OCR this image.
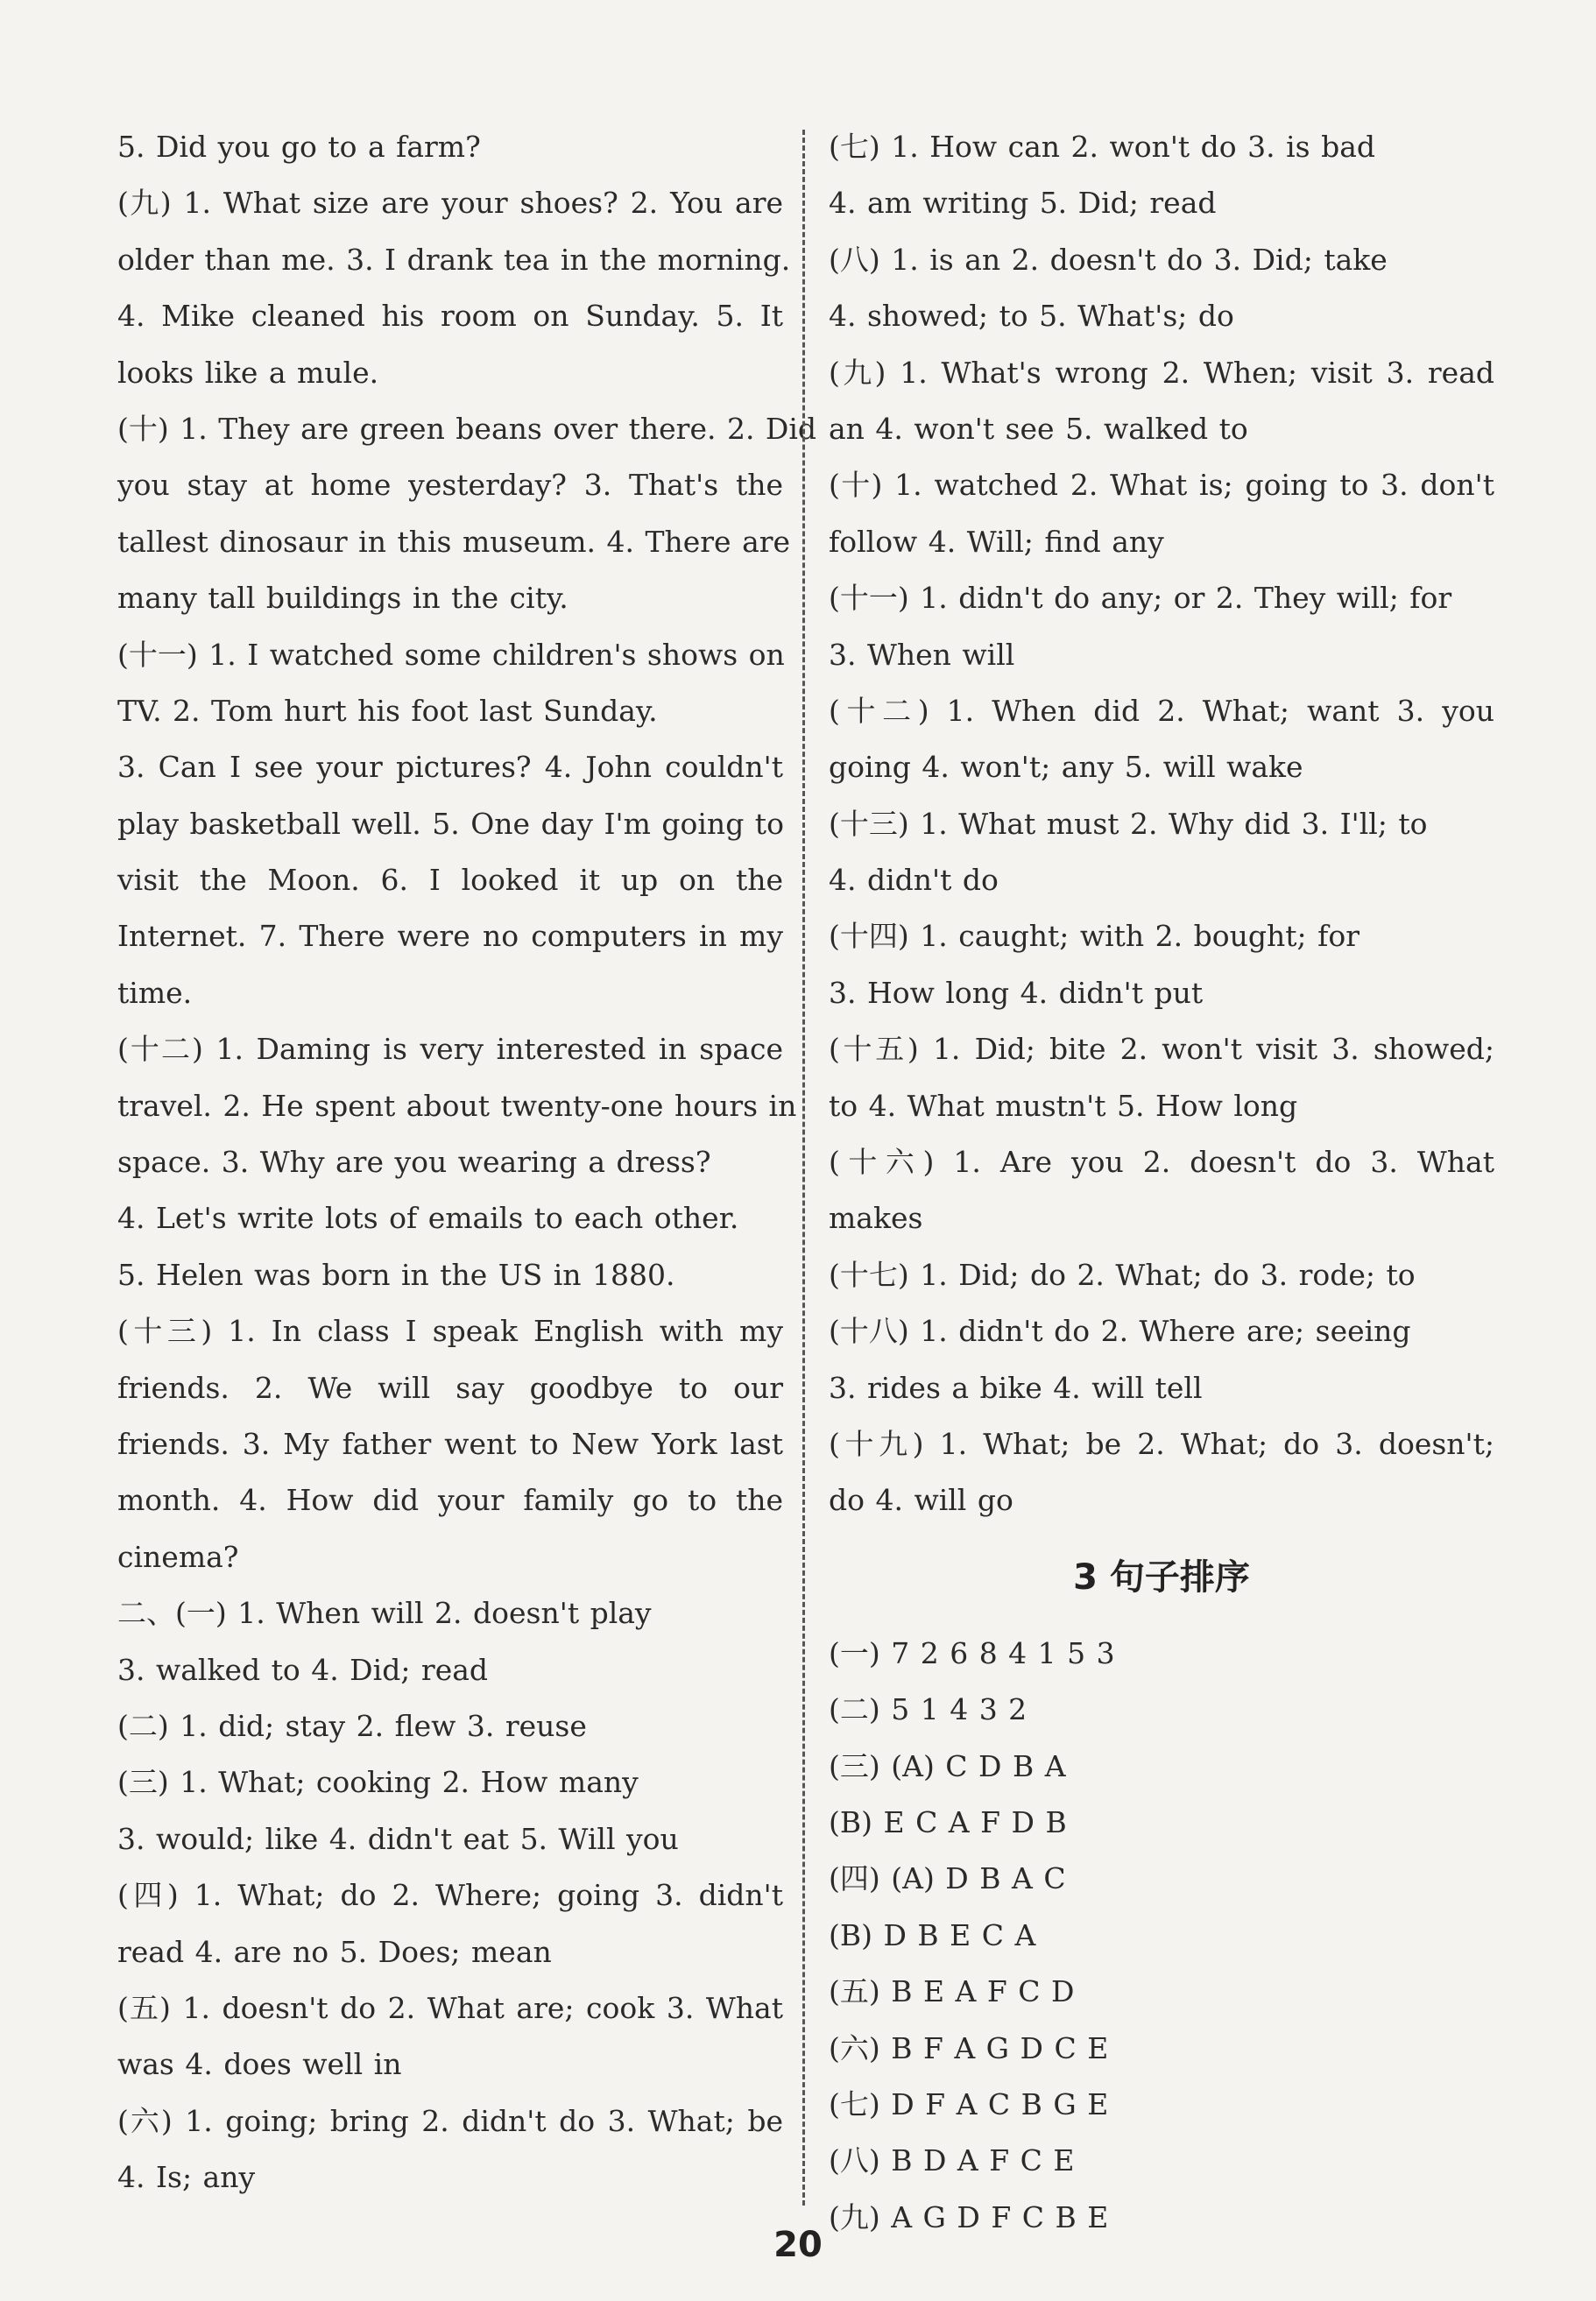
5. Did you go to a farm?
(九) 1. What size are your shoes? 2. You are
older than me. 3. I drank tea in the morning.
4. Mike cleaned his room on Sunday. 5. It
looks like a mule.
(十) 1. They are green beans over there. 2. Did
you stay at home yesterday? 3. That's the
tallest dinosaur in this museum. 4. There are
many tall buildings in the city.
(十一) 1. I watched some children's shows on
TV. 2. Tom hurt his foot last Sunday.
3. Can I see your pictures? 4. John couldn't
play basketball well. 5. One day I'm going to
visit the Moon. 6. I looked it up on the
Internet. 7. There were no computers in my
time.
(十二) 1. Daming is very interested in space
travel. 2. He spent about twenty-one hours in
space. 3. Why are you wearing a dress?
4. Let's write lots of emails to each other.
5. Helen was born in the US in 1880.
(十三) 1. In class I speak English with my
friends. 2. We will say goodbye to our
friends. 3. My father went to New York last
month. 4. How did your family go to the
cinema?
二、(一) 1. When will 2. doesn't play
3. walked to 4. Did; read
(二) 1. did; stay 2. flew 3. reuse
(三) 1. What; cooking 2. How many
3. would; like 4. didn't eat 5. Will you
(四) 1. What; do 2. Where; going 3. didn't
read 4. are no 5. Does; mean
(五) 1. doesn't do 2. What are; cook 3. What
was 4. does well in
(六) 1. going; bring 2. didn't do 3. What; be
4. Is; any
(七) 1. How can 2. won't do 3. is bad
4. am writing 5. Did; read
(八) 1. is an 2. doesn't do 3. Did; take
4. showed; to 5. What's; do
(九) 1. What's wrong 2. When; visit 3. read
an 4. won't see 5. walked to
(十) 1. watched 2. What is; going to 3. don't
follow 4. Will; find any
(十一) 1. didn't do any; or 2. They will; for
3. When will
(十二) 1. When did 2. What; want 3. you
going 4. won't; any 5. will wake
(十三) 1. What must 2. Why did 3. I'll; to
4. didn't do
(十四) 1. caught; with 2. bought; for
3. How long 4. didn't put
(十五) 1. Did; bite 2. won't visit 3. showed;
to 4. What mustn't 5. How long
(十六) 1. Are you 2. doesn't do 3. What
makes
(十七) 1. Did; do 2. What; do 3. rode; to
(十八) 1. didn't do 2. Where are; seeing
3. rides a bike 4. will tell
(十九) 1. What; be 2. What; do 3. doesn't;
do 4. will go
3 句子排序
(一) 7 2 6 8 4 1 5 3
(二) 5 1 4 3 2
(三) (A) C D B A
(B) E C A F D B
(四) (A) D B A C
(B) D B E C A
(五) B E A F C D
(六) B F A G D C E
(七) D F A C B G E
(八) B D A F C E
(九) A G D F C B E
20
